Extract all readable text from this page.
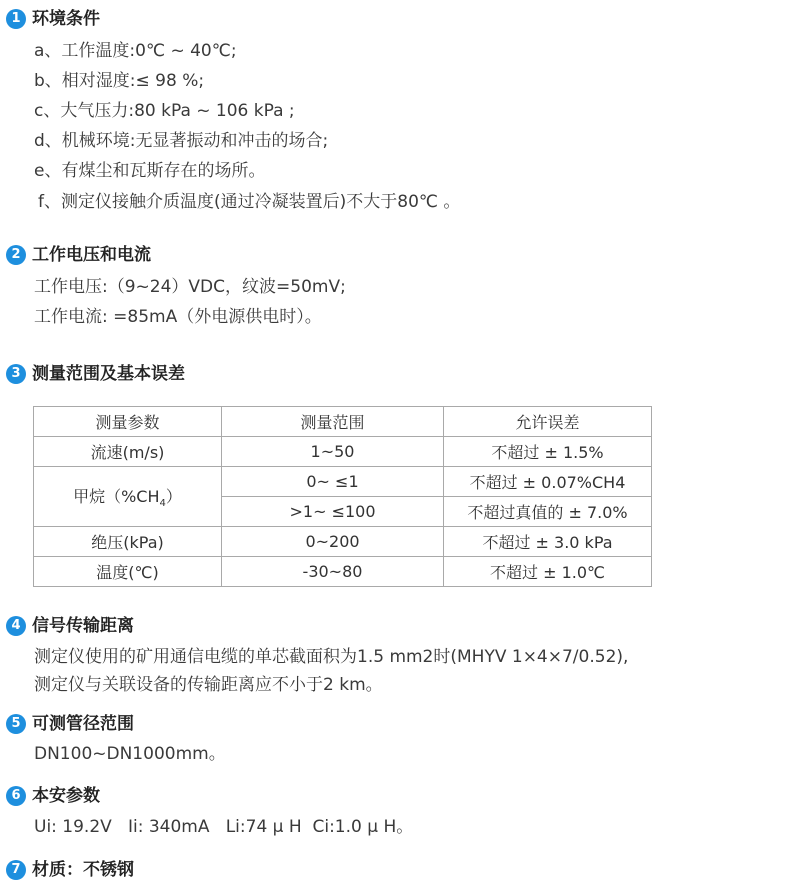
1 环境条件
a、工作温度:0℃ ~ 40℃;
b、相对湿度:≤ 98 %;
c、大气压力:80 kPa ~ 106 kPa ;
d、机械环境:无显著振动和冲击的场合;
e、有煤尘和瓦斯存在的场所。
f、测定仪接触介质温度(通过冷凝装置后)不大于80℃ 。
2 工作电压和电流
工作电压:（9~24）VDC，纹波=50mV;
工作电流: =85mA（外电源供电时）。
3 测量范围及基本误差
测量参数	测量范围	允许误差
流速(m/s)	1~50	不超过 ± 1.5%
甲烷$(\%CH_4)$	0~ ≤1	不超过 ± 0.07%CH4
	>1~ ≤100	不超过真值的 ± 7.0%
绝压(kPa)	0~200	不超过 ± 3.0 kPa
温度(℃)	-30~80	不超过 ± 1.0℃
4 信号传输距离
测定仪使用的矿用通信电缆的单芯截面积为1.5 mm2时(MHYV 1×4×7/0.52),
测定仪与关联设备的传输距离应不小于2 km。
5 可测管径范围
DN100~DN1000mm。
6 本安参数
Ui: 19.2V   Ii: 340mA   Li:74 μ H  Ci:1.0 μ H。
7 材质：不锈钢
